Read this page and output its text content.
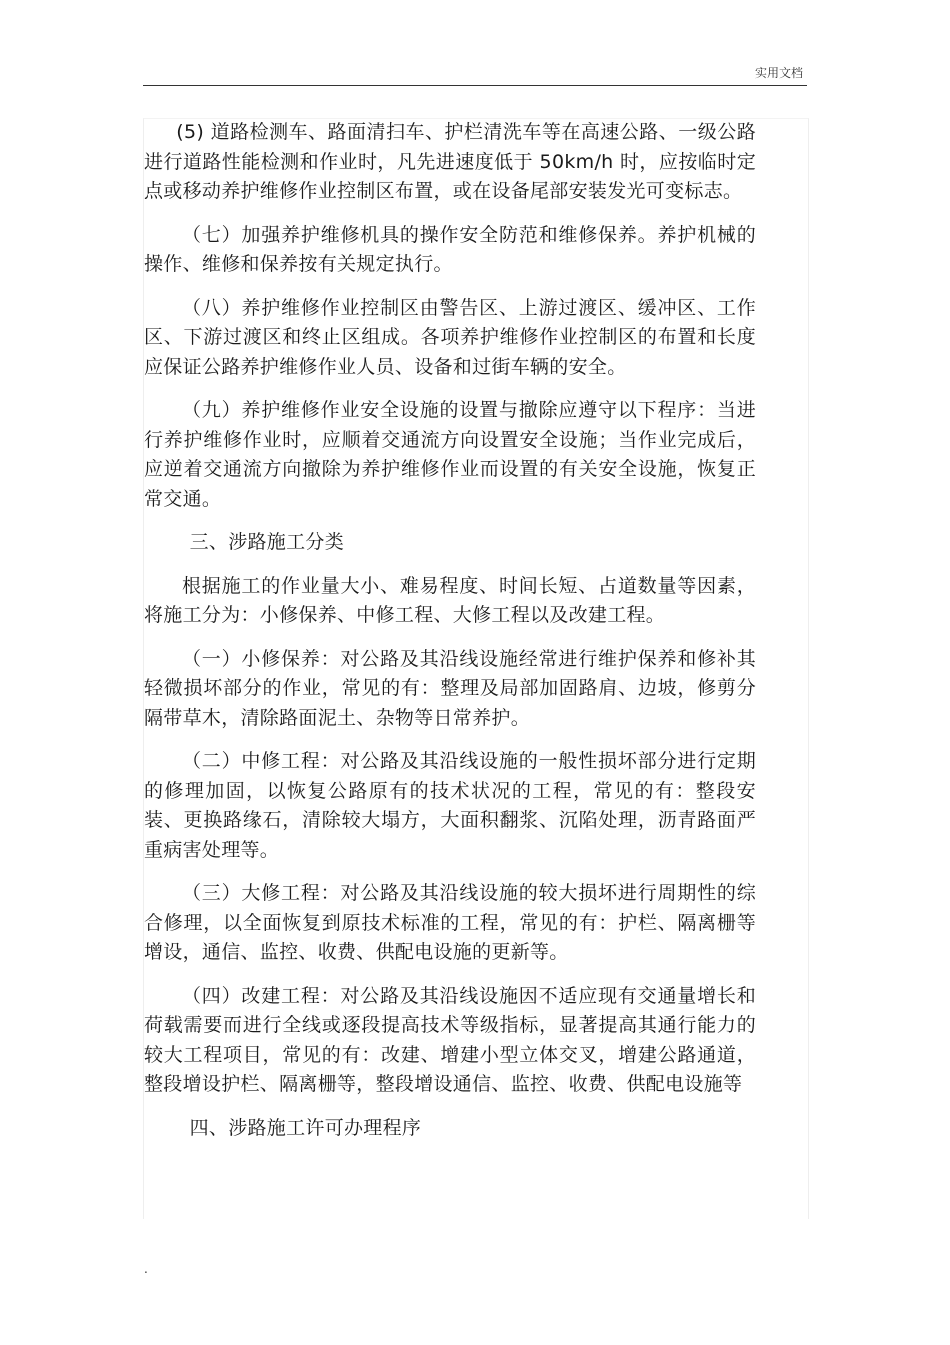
实用文档

(5) 道路检测车、路面清扫车、护栏清洗车等在高速公路、一级公路进行道路性能检测和作业时，凡先进速度低于 50km/h 时，应按临时定点或移动养护维修作业控制区布置，或在设备尾部安装发光可变标志。

（七）加强养护维修机具的操作安全防范和维修保养。养护机械的操作、维修和保养按有关规定执行。

（八）养护维修作业控制区由警告区、上游过渡区、缓冲区、工作区、下游过渡区和终止区组成。各项养护维修作业控制区的布置和长度应保证公路养护维修作业人员、设备和过街车辆的安全。

（九）养护维修作业安全设施的设置与撤除应遵守以下程序：当进行养护维修作业时，应顺着交通流方向设置安全设施；当作业完成后，应逆着交通流方向撤除为养护维修作业而设置的有关安全设施，恢复正常交通。

三、涉路施工分类

根据施工的作业量大小、难易程度、时间长短、占道数量等因素，将施工分为：小修保养、中修工程、大修工程以及改建工程。

（一）小修保养：对公路及其沿线设施经常进行维护保养和修补其轻微损坏部分的作业，常见的有：整理及局部加固路肩、边坡，修剪分隔带草木，清除路面泥土、杂物等日常养护。

（二）中修工程：对公路及其沿线设施的一般性损坏部分进行定期的修理加固，以恢复公路原有的技术状况的工程，常见的有：整段安装、更换路缘石，清除较大塌方，大面积翻浆、沉陷处理，沥青路面严重病害处理等。

（三）大修工程：对公路及其沿线设施的较大损坏进行周期性的综合修理，以全面恢复到原技术标准的工程，常见的有：护栏、隔离栅等增设，通信、监控、收费、供配电设施的更新等。

（四）改建工程：对公路及其沿线设施因不适应现有交通量增长和荷载需要而进行全线或逐段提高技术等级指标，显著提高其通行能力的较大工程项目，常见的有：改建、增建小型立体交叉，增建公路通道，整段增设护栏、隔离栅等，整段增设通信、监控、收费、供配电设施等

四、涉路施工许可办理程序

.
